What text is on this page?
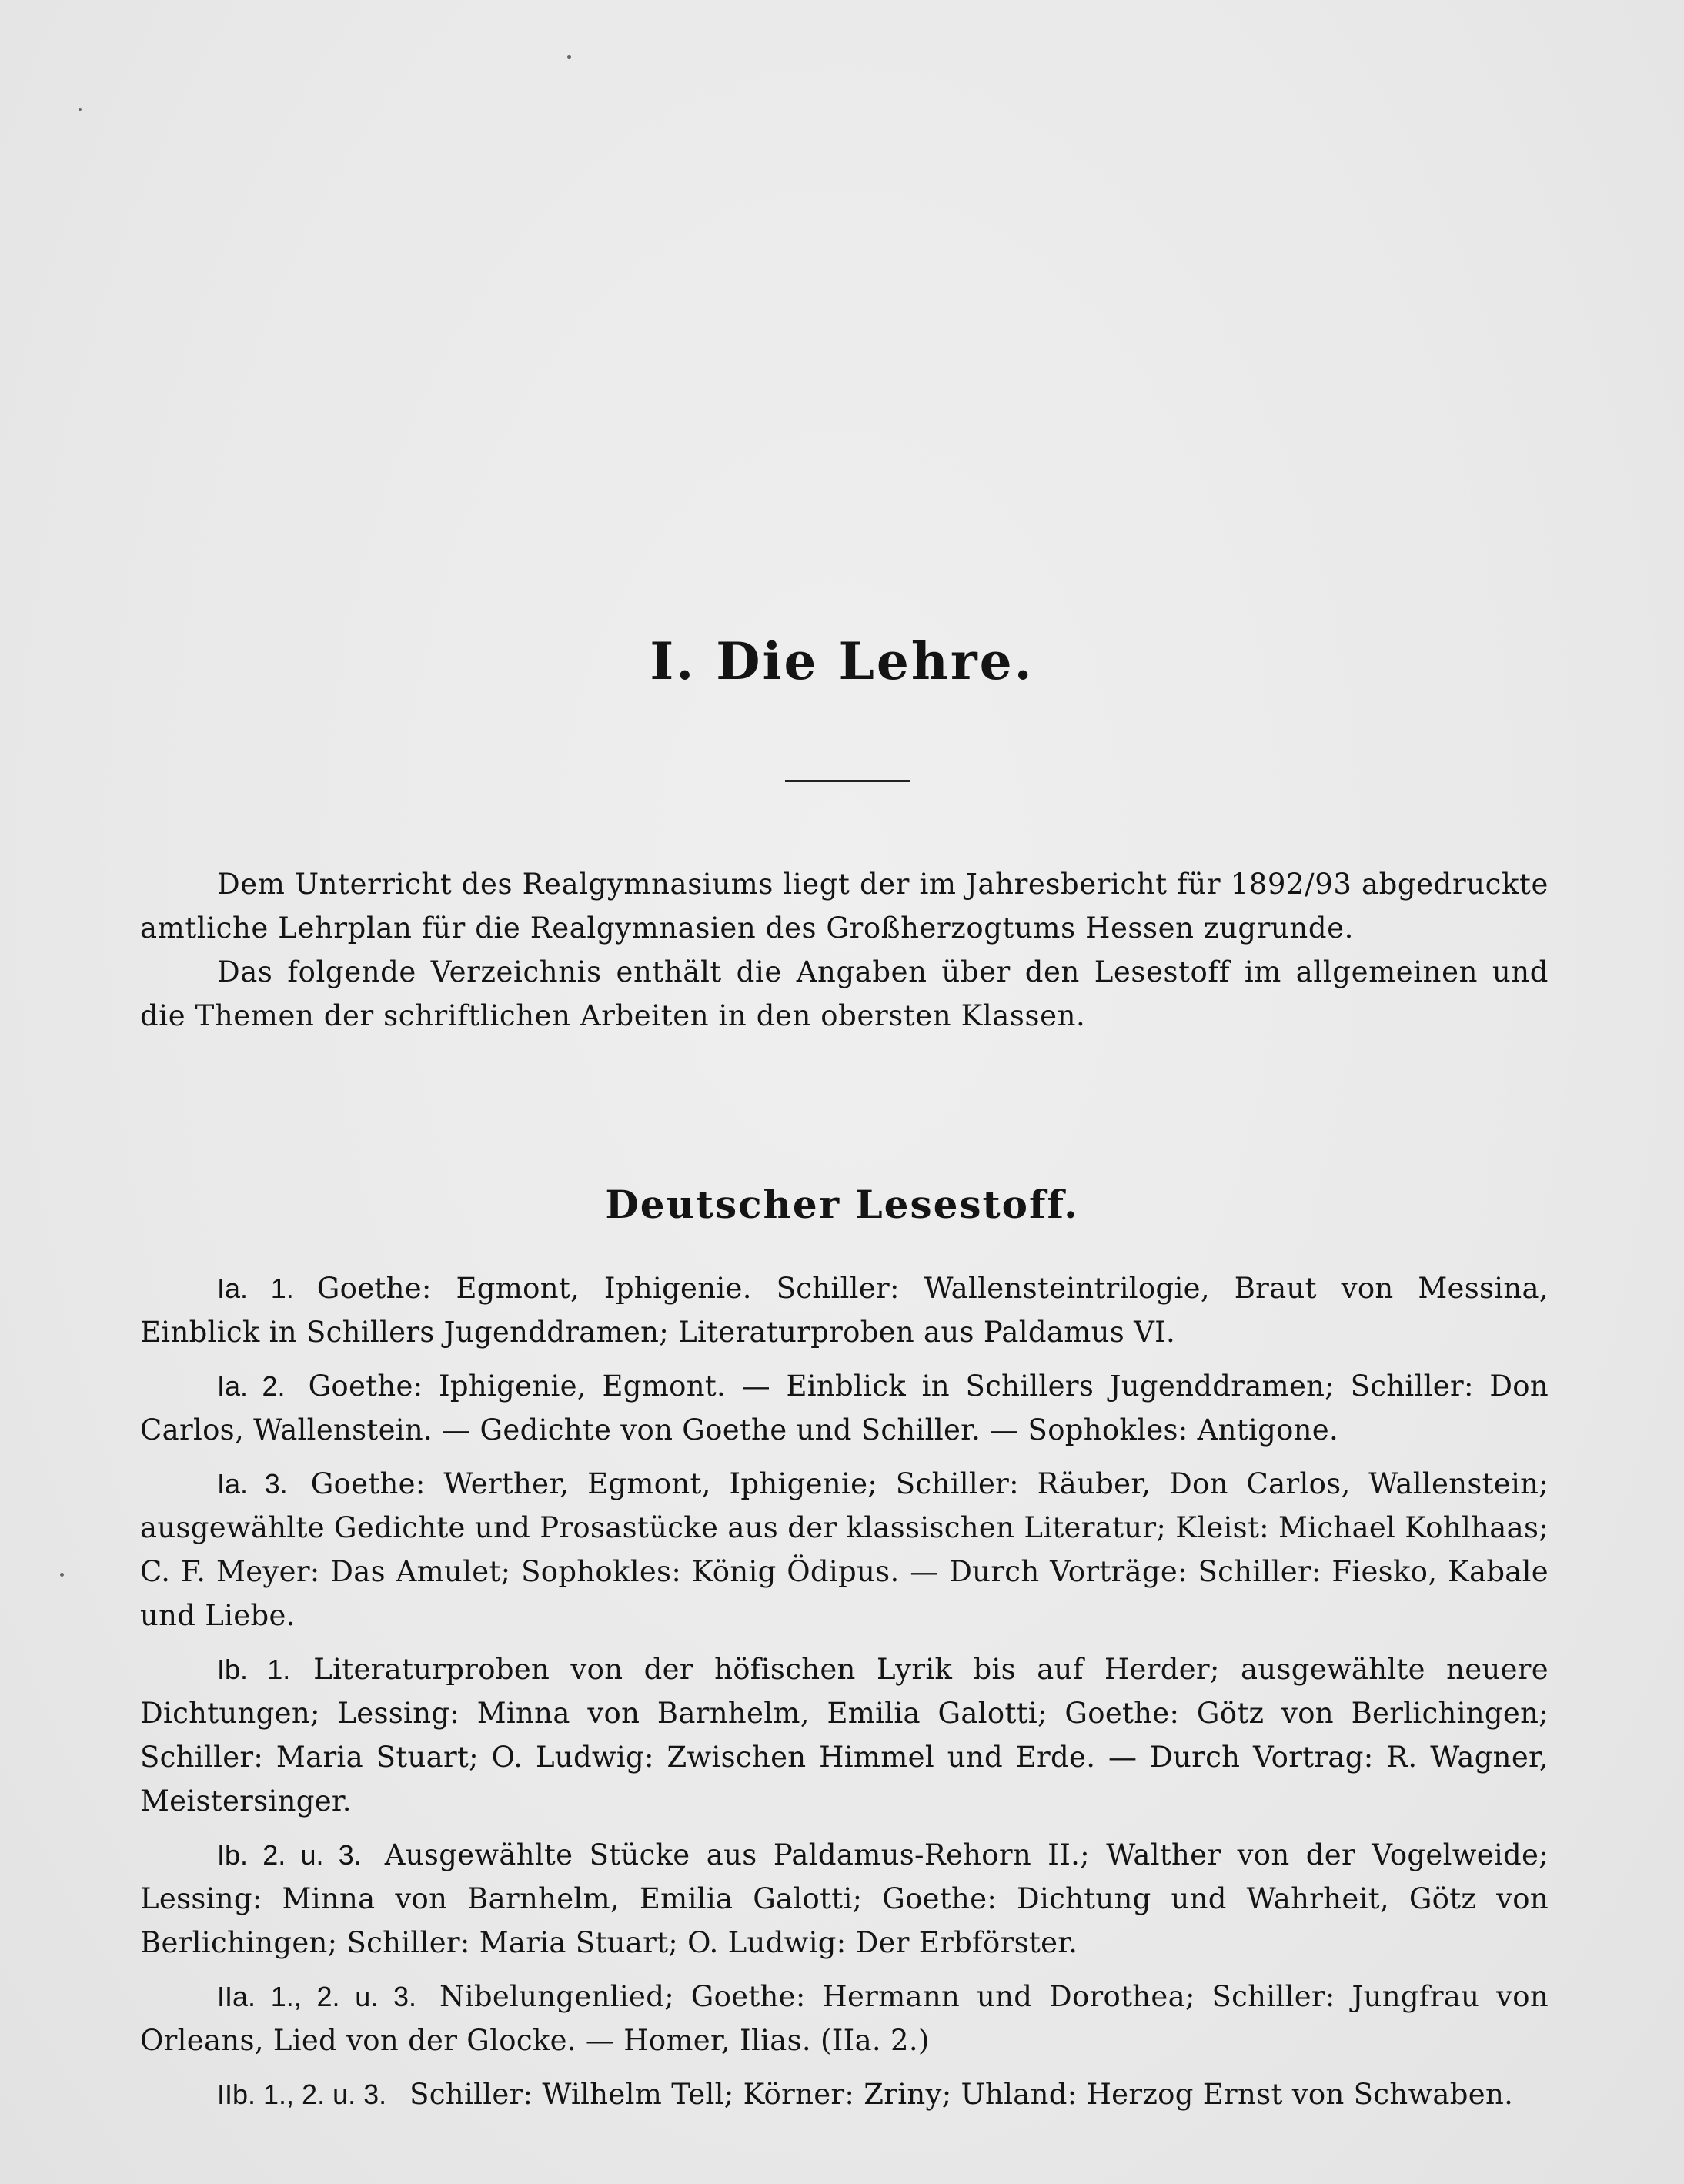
I. Die Lehre.

Dem Unterricht des Realgymnasiums liegt der im Jahresbericht für 1892/93 abgedruckte amtliche Lehrplan für die Realgymnasien des Großherzogtums Hessen zugrunde.

Das folgende Verzeichnis enthält die Angaben über den Lesestoff im allgemeinen und die Themen der schriftlichen Arbeiten in den obersten Klassen.

Deutscher Lesestoff.

Ia. 1. Goethe: Egmont, Iphigenie. Schiller: Wallensteintrilogie, Braut von Messina, Einblick in Schillers Jugenddramen; Literaturproben aus Paldamus VI.

Ia. 2. Goethe: Iphigenie, Egmont. — Einblick in Schillers Jugenddramen; Schiller: Don Carlos, Wallenstein. — Gedichte von Goethe und Schiller. — Sophokles: Antigone.

Ia. 3. Goethe: Werther, Egmont, Iphigenie; Schiller: Räuber, Don Carlos, Wallenstein; ausgewählte Gedichte und Prosastücke aus der klassischen Literatur; Kleist: Michael Kohlhaas; C. F. Meyer: Das Amulet; Sophokles: König Ödipus. — Durch Vorträge: Schiller: Fiesko, Kabale und Liebe.

Ib. 1. Literaturproben von der höfischen Lyrik bis auf Herder; ausgewählte neuere Dichtungen; Lessing: Minna von Barnhelm, Emilia Galotti; Goethe: Götz von Berlichingen; Schiller: Maria Stuart; O. Ludwig: Zwischen Himmel und Erde. — Durch Vortrag: R. Wagner, Meistersinger.

Ib. 2. u. 3. Ausgewählte Stücke aus Paldamus-Rehorn II.; Walther von der Vogelweide; Lessing: Minna von Barnhelm, Emilia Galotti; Goethe: Dichtung und Wahrheit, Götz von Berlichingen; Schiller: Maria Stuart; O. Ludwig: Der Erbförster.

IIa. 1., 2. u. 3. Nibelungenlied; Goethe: Hermann und Dorothea; Schiller: Jungfrau von Orleans, Lied von der Glocke. — Homer, Ilias. (IIa. 2.)

IIb. 1., 2. u. 3. Schiller: Wilhelm Tell; Körner: Zriny; Uhland: Herzog Ernst von Schwaben.
